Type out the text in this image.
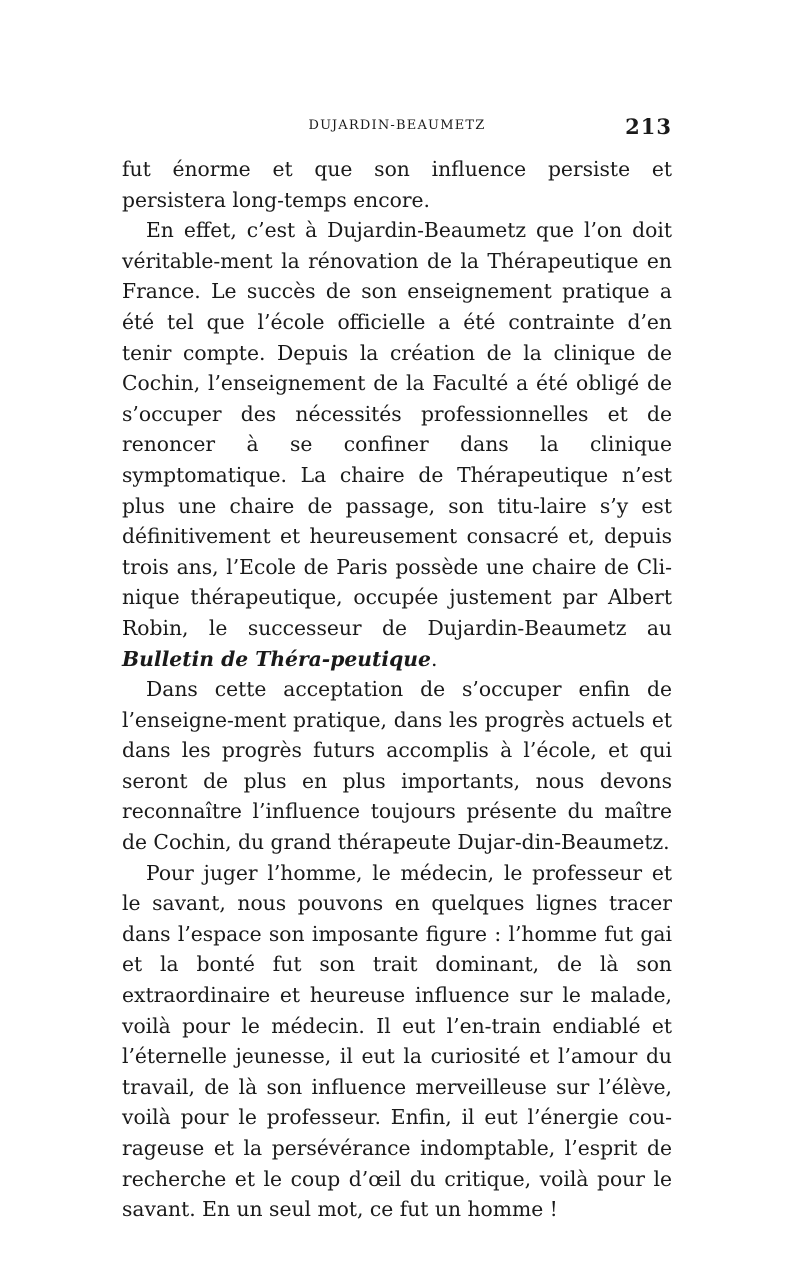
DUJARDIN-BEAUMETZ	213

fut énorme et que son influence persiste et persistera long-temps encore.

En effet, c’est à Dujardin-Beaumetz que l’on doit véritable-ment la rénovation de la Thérapeutique en France. Le succès de son enseignement pratique a été tel que l’école officielle a été contrainte d’en tenir compte. Depuis la création de la clinique de Cochin, l’enseignement de la Faculté a été obligé de s’occuper des nécessités professionnelles et de renoncer à se confiner dans la clinique symptomatique. La chaire de Thérapeutique n’est plus une chaire de passage, son titu-laire s’y est définitivement et heureusement consacré et, depuis trois ans, l’Ecole de Paris possède une chaire de Cli-nique thérapeutique, occupée justement par Albert Robin, le successeur de Dujardin-Beaumetz au Bulletin de Théra-peutique.

Dans cette acceptation de s’occuper enfin de l’enseigne-ment pratique, dans les progrès actuels et dans les progrès futurs accomplis à l’école, et qui seront de plus en plus importants, nous devons reconnaître l’influence toujours présente du maître de Cochin, du grand thérapeute Dujar-din-Beaumetz.

Pour juger l’homme, le médecin, le professeur et le savant, nous pouvons en quelques lignes tracer dans l’espace son imposante figure : l’homme fut gai et la bonté fut son trait dominant, de là son extraordinaire et heureuse influence sur le malade, voilà pour le médecin. Il eut l’en-train endiablé et l’éternelle jeunesse, il eut la curiosité et l’amour du travail, de là son influence merveilleuse sur l’élève, voilà pour le professeur. Enfin, il eut l’énergie cou-rageuse et la persévérance indomptable, l’esprit de recherche et le coup d’œil du critique, voilà pour le savant. En un seul mot, ce fut un homme !
